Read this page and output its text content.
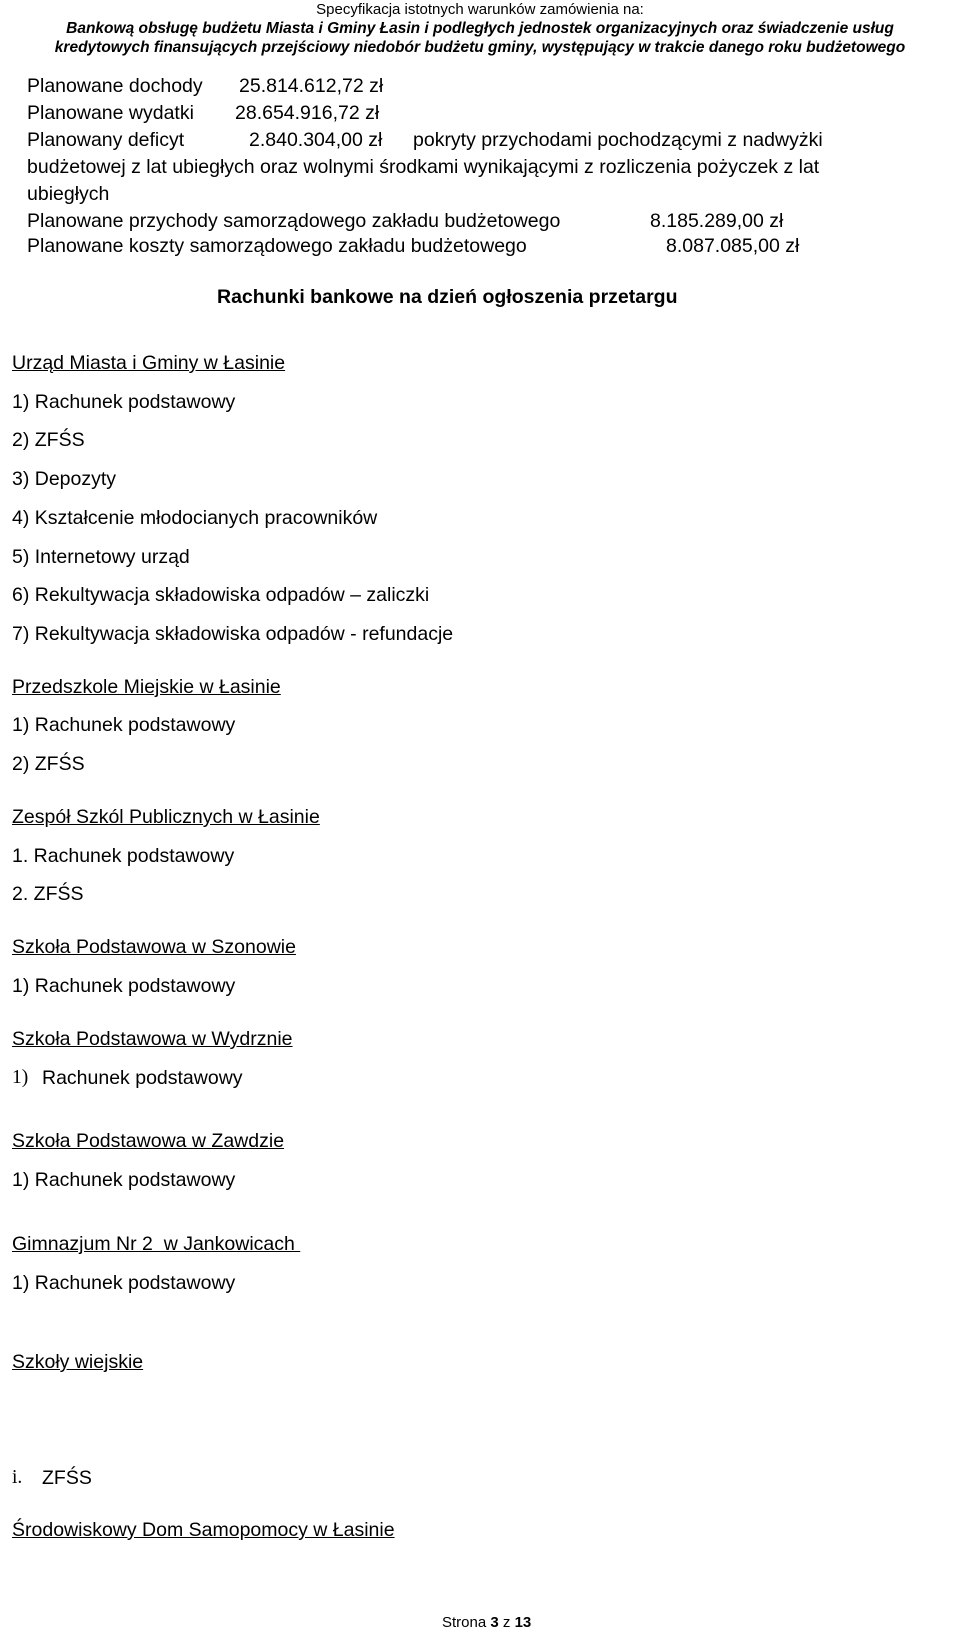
Specyfikacja istotnych warunków zamówienia na:
Bankową obsługę budżetu Miasta i Gminy Łasin i podległych jednostek organizacyjnych oraz świadczenie usług
kredytowych finansujących przejściowy niedobór budżetu gminy, występujący w trakcie danego roku budżetowego
Planowane dochody 25.814.612,72 zł
Planowane wydatki 28.654.916,72 zł
Planowany deficyt	2.840.304,00 zł pokryty przychodami pochodzącymi z nadwyżki
budżetowej z lat ubiegłych oraz wolnymi środkami wynikającymi z rozliczenia pożyczek z lat
ubiegłych
Planowane przychody samorządowego zakładu budżetowego	8.185.289,00 zł
Planowane koszty samorządowego zakładu budżetowego	8.087.085,00 zł
Rachunki bankowe na dzień ogłoszenia przetargu
Urząd Miasta i Gminy w Łasinie
1) Rachunek podstawowy
2) ZFŚS
3) Depozyty
4) Kształcenie młodocianych pracowników
5) Internetowy urząd
6) Rekultywacja składowiska odpadów – zaliczki
7) Rekultywacja składowiska odpadów - refundacje
Przedszkole Miejskie w Łasinie
1) Rachunek podstawowy
2) ZFŚS
Zespół Szkól Publicznych w Łasinie
1. Rachunek podstawowy
2. ZFŚS
Szkoła Podstawowa w Szonowie
1) Rachunek podstawowy
Szkoła Podstawowa w Wydrznie
1) Rachunek podstawowy
Szkoła Podstawowa w Zawdzie
1) Rachunek podstawowy
Gimnazjum Nr 2  w Jankowicach
1) Rachunek podstawowy
Szkoły wiejskie
i. ZFŚS
Środowiskowy Dom Samopomocy w Łasinie
Strona 3 z 13
